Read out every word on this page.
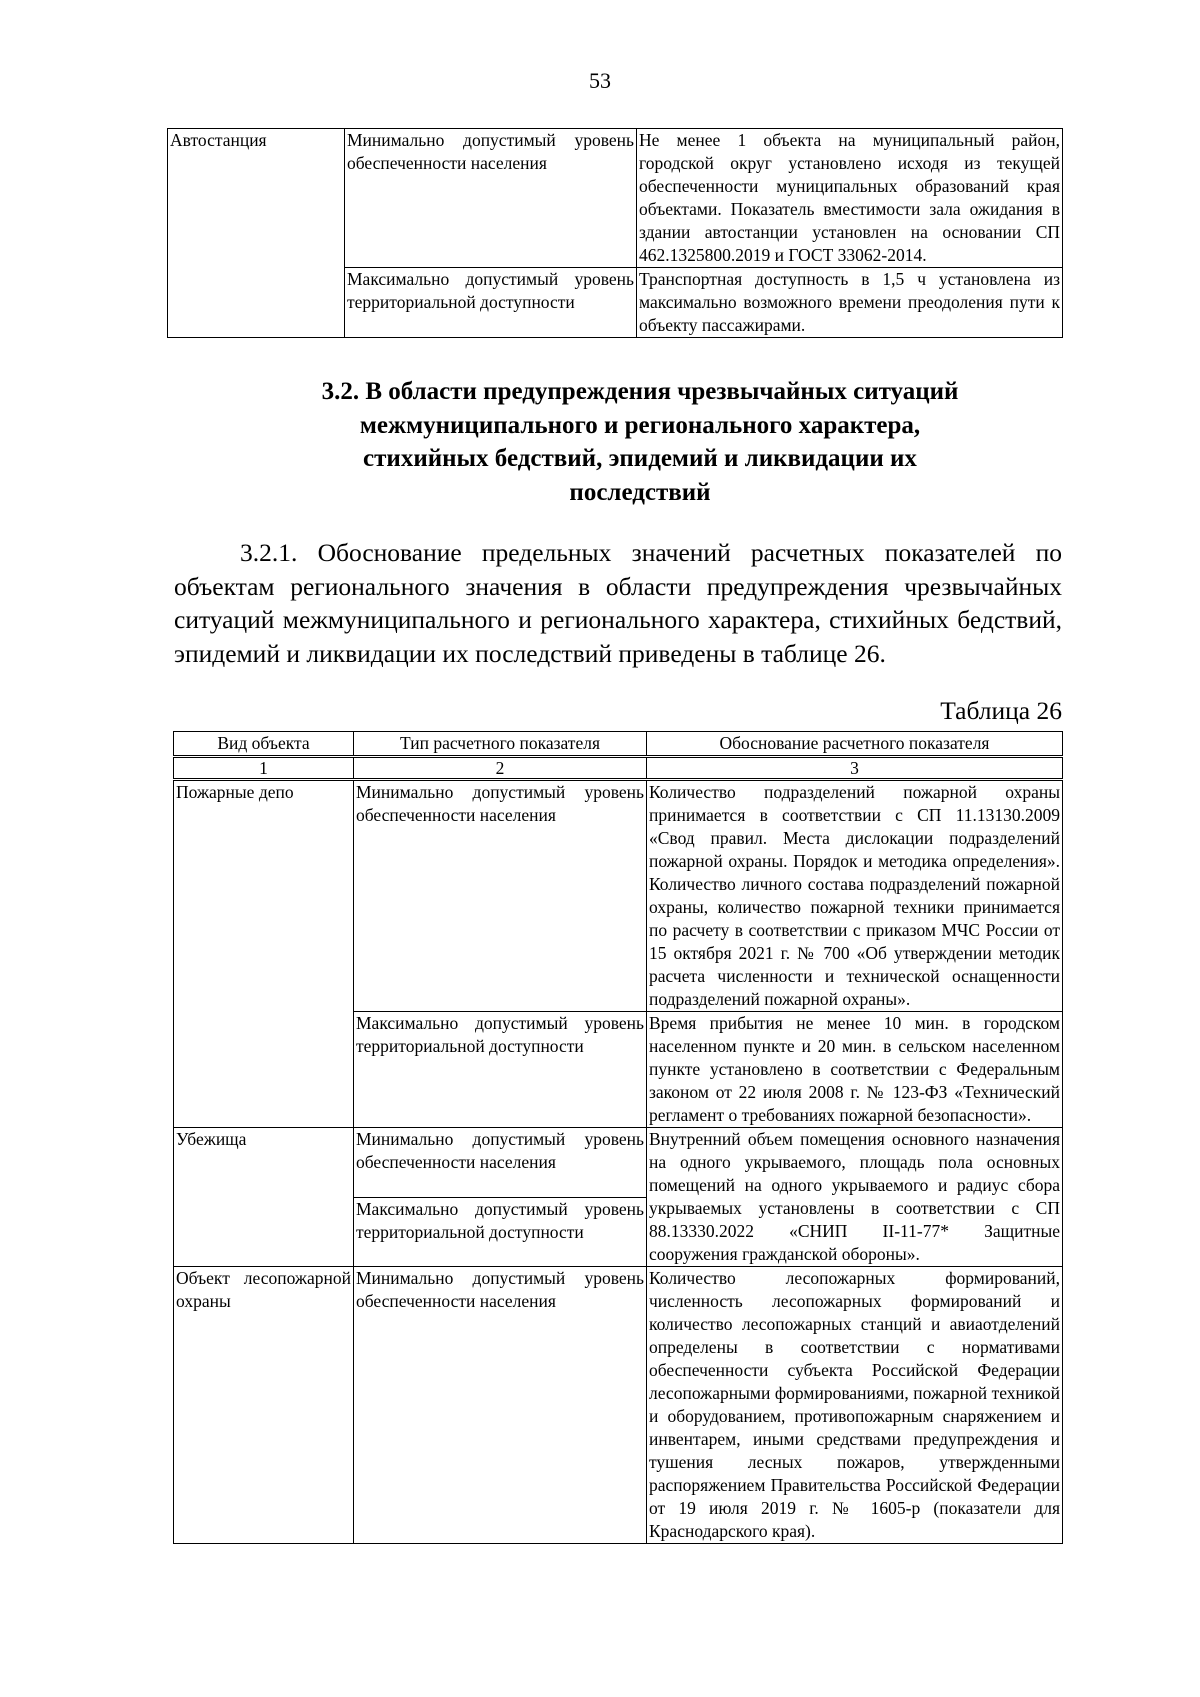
53
Автостанция	Минимально допустимый уровень обеспеченности населения	Не менее 1 объекта на муниципальный район, городской округ установлено исходя из текущей обеспеченности муниципальных образований края объектами. Показатель вместимости зала ожидания в здании автостанции установлен на основании СП 462.1325800.2019 и ГОСТ 33062-2014.
	Максимально допустимый уровень территориальной доступности	Транспортная доступность в 1,5 ч установлена из максимально возможного времени преодоления пути к объекту пассажирами.
3.2. В области предупреждения чрезвычайных ситуаций межмуниципального и регионального характера, стихийных бедствий, эпидемий и ликвидации их последствий

3.2.1. Обоснование предельных значений расчетных показателей по объектам регионального значения в области предупреждения чрезвычайных ситуаций межмуниципального и регионального характера, стихийных бедствий, эпидемий и ликвидации их последствий приведены в таблице 26.

Таблица 26
Вид объекта	Тип расчетного показателя	Обоснование расчетного показателя
1	2	3
Пожарные депо	Минимально допустимый уровень обеспеченности населения	Количество подразделений пожарной охраны принимается в соответствии с СП 11.13130.2009 «Свод правил. Места дислокации подразделений пожарной охраны. Порядок и методика определения». Количество личного состава подразделений пожарной охраны, количество пожарной техники принимается по расчету в соответствии с приказом МЧС России от 15 октября 2021 г. № 700 «Об утверждении методик расчета численности и технической оснащенности подразделений пожарной охраны».
	Максимально допустимый уровень территориальной доступности	Время прибытия не менее 10 мин. в городском населенном пункте и 20 мин. в сельском населенном пункте установлено в соответствии с Федеральным законом от 22 июля 2008 г. № 123-ФЗ «Технический регламент о требованиях пожарной безопасности».
Убежища	Минимально допустимый уровень обеспеченности населения	Внутренний объем помещения основного назначения на одного укрываемого, площадь пола основных помещений на одного укрываемого и радиус сбора укрываемых установлены в соответствии с СП 88.13330.2022 «СНИП II-11-77* Защитные сооружения гражданской обороны».
	Максимально допустимый уровень территориальной доступности	
Объект лесопожарной охраны	Минимально допустимый уровень обеспеченности населения	Количество лесопожарных формирований, численность лесопожарных формирований и количество лесопожарных станций и авиаотделений определены в соответствии с нормативами обеспеченности субъекта Российской Федерации лесопожарными формированиями, пожарной техникой и оборудованием, противопожарным снаряжением и инвентарем, иными средствами предупреждения и тушения лесных пожаров, утвержденными распоряжением Правительства Российской Федерации от 19 июля 2019 г. № 1605-р (показатели для Краснодарского края).
